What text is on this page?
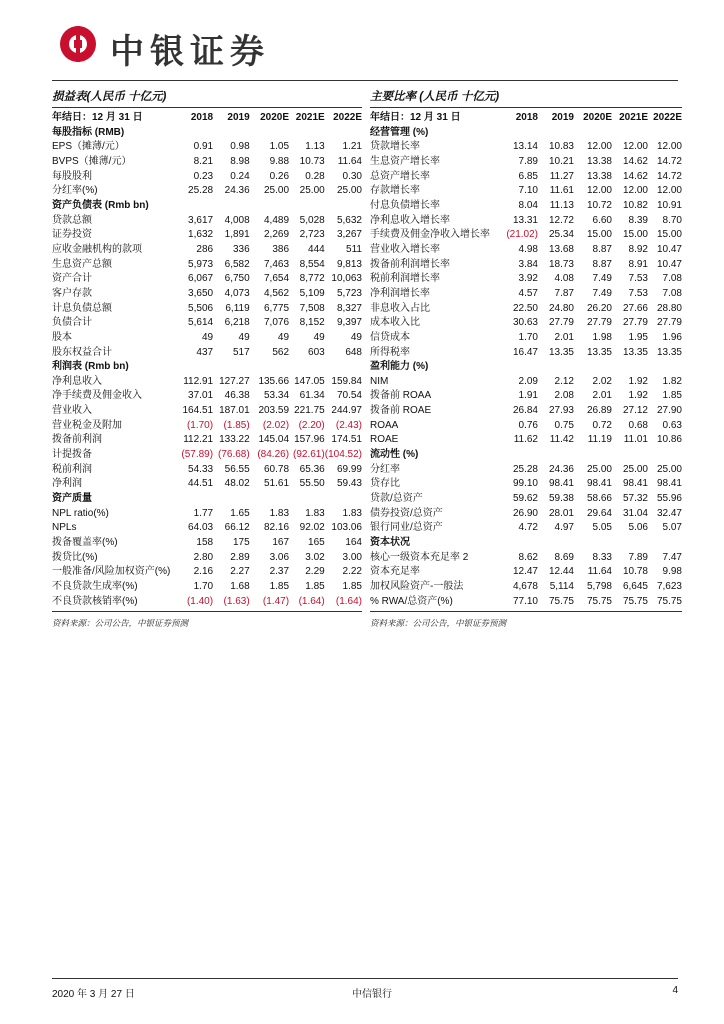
中银证券
损益表(人民币 十亿元)
年结日：12 月 31 日	2018	2019	2020E	2021E	2022E
每股指标 (RMB)					
EPS（摊薄/元）	0.91	0.98	1.05	1.13	1.21
BVPS（摊薄/元）	8.21	8.98	9.88	10.73	11.64
每股股利	0.23	0.24	0.26	0.28	0.30
分红率(%)	25.28	24.36	25.00	25.00	25.00
资产负债表 (Rmb bn)					
贷款总额	3,617	4,008	4,489	5,028	5,632
证券投资	1,632	1,891	2,269	2,723	3,267
应收金融机构的款项	286	336	386	444	511
生息资产总额	5,973	6,582	7,463	8,554	9,813
资产合计	6,067	6,750	7,654	8,772	10,063
客户存款	3,650	4,073	4,562	5,109	5,723
计息负债总额	5,506	6,119	6,775	7,508	8,327
负债合计	5,614	6,218	7,076	8,152	9,397
股本	49	49	49	49	49
股东权益合计	437	517	562	603	648
利润表 (Rmb bn)					
净利息收入	112.91	127.27	135.66	147.05	159.84
净手续费及佣金收入	37.01	46.38	53.34	61.34	70.54
营业收入	164.51	187.01	203.59	221.75	244.97
营业税金及附加	(1.70)	(1.85)	(2.02)	(2.20)	(2.43)
拨备前利润	112.21	133.22	145.04	157.96	174.51
计提拨备	(57.89)	(76.68)	(84.26)	(92.61)	(104.52)
税前利润	54.33	56.55	60.78	65.36	69.99
净利润	44.51	48.02	51.61	55.50	59.43
资产质量					
NPL ratio(%)	1.77	1.65	1.83	1.83	1.83
NPLs	64.03	66.12	82.16	92.02	103.06
拨备覆盖率(%)	158	175	167	165	164
拨贷比(%)	2.80	2.89	3.06	3.02	3.00
一般准备/风险加权资产(%)	2.16	2.27	2.37	2.29	2.22
不良贷款生成率(%)	1.70	1.68	1.85	1.85	1.85
不良贷款核销率(%)	(1.40)	(1.63)	(1.47)	(1.64)	(1.64)
资料来源：公司公告，中银证券预测
主要比率 (人民币 十亿元)
年结日：12 月 31 日	2018	2019	2020E	2021E	2022E
经营管理 (%)					
贷款增长率	13.14	10.83	12.00	12.00	12.00
生息资产增长率	7.89	10.21	13.38	14.62	14.72
总资产增长率	6.85	11.27	13.38	14.62	14.72
存款增长率	7.10	11.61	12.00	12.00	12.00
付息负债增长率	8.04	11.13	10.72	10.82	10.91
净利息收入增长率	13.31	12.72	6.60	8.39	8.70
手续费及佣金净收入增长率	(21.02)	25.34	15.00	15.00	15.00
营业收入增长率	4.98	13.68	8.87	8.92	10.47
拨备前利润增长率	3.84	18.73	8.87	8.91	10.47
税前利润增长率	3.92	4.08	7.49	7.53	7.08
净利润增长率	4.57	7.87	7.49	7.53	7.08
非息收入占比	22.50	24.80	26.20	27.66	28.80
成本收入比	30.63	27.79	27.79	27.79	27.79
信贷成本	1.70	2.01	1.98	1.95	1.96
所得税率	16.47	13.35	13.35	13.35	13.35
盈利能力 (%)					
NIM	2.09	2.12	2.02	1.92	1.82
拨备前 ROAA	1.91	2.08	2.01	1.92	1.85
拨备前 ROAE	26.84	27.93	26.89	27.12	27.90
ROAA	0.76	0.75	0.72	0.68	0.63
ROAE	11.62	11.42	11.19	11.01	10.86
流动性 (%)					
分红率	25.28	24.36	25.00	25.00	25.00
贷存比	99.10	98.41	98.41	98.41	98.41
贷款/总资产	59.62	59.38	58.66	57.32	55.96
债券投资/总资产	26.90	28.01	29.64	31.04	32.47
银行同业/总资产	4.72	4.97	5.05	5.06	5.07
资本状况					
核心一级资本充足率 2	8.62	8.69	8.33	7.89	7.47
资本充足率	12.47	12.44	11.64	10.78	9.98
加权风险资产-一般法	4,678	5,114	5,798	6,645	7,623
% RWA/总资产(%)	77.10	75.75	75.75	75.75	75.75
资料来源：公司公告，中银证券预测
2020 年 3 月 27 日	中信银行	4
